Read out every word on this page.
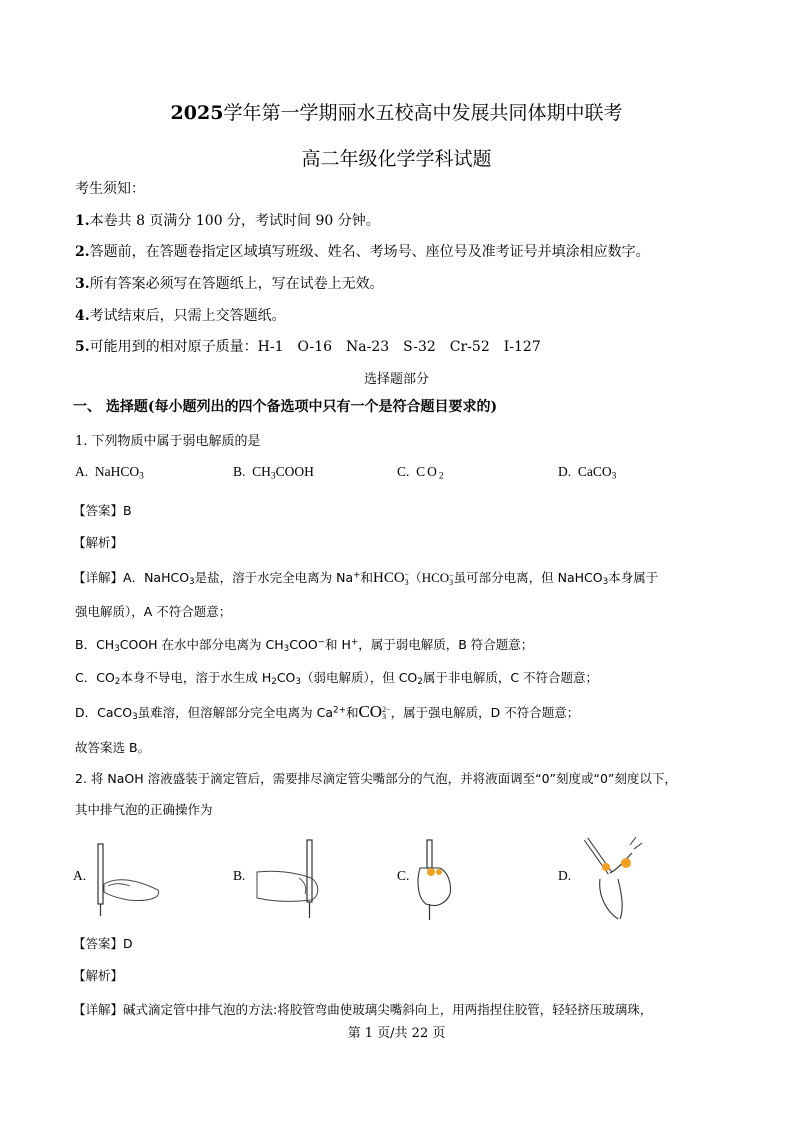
2025学年第一学期丽水五校高中发展共同体期中联考
高二年级化学学科试题
考生须知：
1.本卷共 8 页满分 100 分，考试时间 90 分钟。
2.答题前，在答题卷指定区域填写班级、姓名、考场号、座位号及准考证号并填涂相应数字。
3.所有答案必须写在答题纸上，写在试卷上无效。
4.考试结束后，只需上交答题纸。
5.可能用到的相对原子质量：H-1　O-16　Na-23　S-32　Cr-52　I-127
选择题部分
一、 选择题(每小题列出的四个备选项中只有一个是符合题目要求的)
1. 下列物质中属于弱电解质的是
A. NaHCO$_3$	B. $CH_3COOH$	C. $CO_2$	D. CaCO$_3$
【答案】B
【解析】
【详解】A．NaHCO$_3$是盐，溶于水完全电离为 Na+和HCO−
3（HCO−
3虽可部分电离，但 NaHCO$_3$本身属于
强电解质），A 不符合题意；
B．$CH_3COOH$ 在水中部分电离为 $CH_3COO^-$和 H+，属于弱电解质，B 符合题意；
C．$CO_2$本身不导电，溶于水生成 $H_2CO_3$（弱电解质），但 $CO_2$属于非电解质，C 不符合题意；
D．CaCO$_3$虽难溶，但溶解部分完全电离为 $Ca^{2+}$和CO2−
3 ，属于强电解质，D 不符合题意；
故答案选 B。
2. 将 NaOH 溶液盛装于滴定管后，需要排尽滴定管尖嘴部分的气泡，并将液面调至“0”刻度或“0”刻度以下，
其中排气泡的正确操作为
A.	B.	C.	D.
【答案】D
【解析】
【详解】碱式滴定管中排气泡的方法:将胶管弯曲使玻璃尖嘴斜向上，用两指捏住胶管，轻轻挤压玻璃珠，
第 1 页/共 22 页
